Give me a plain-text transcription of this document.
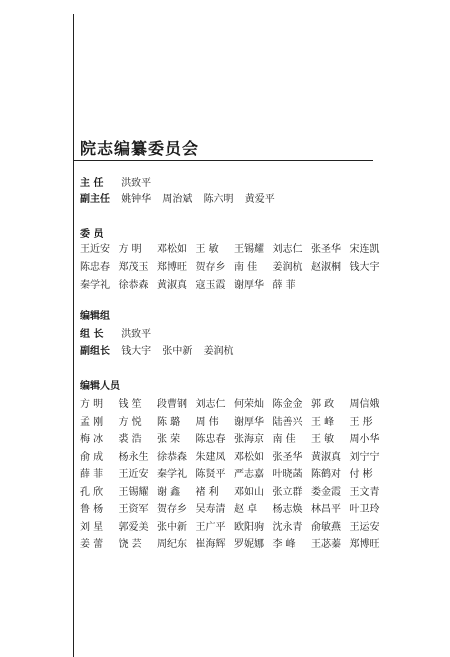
院志编纂委员会
主 任 洪致平
副主任 姚钟华 周治斌 陈六明 黄爱平
委 员
王近安 方 明 邓松如 王 敏 王锡耀 刘志仁 张圣华 宋连凯
陈忠春 郑茂玉 郑博旺 贺存乡 南 佳 姜润杭 赵淑桐 钱大宇
秦学礼 徐恭森 黄淑真 寇玉霞 谢厚华 薛 菲
编辑组
组 长 洪致平
副组长 钱大宇 张中新 姜润杭
编辑人员
方 明 钱 笙 段曹钢 刘志仁 何荣灿 陈金金 郭 政 周信娥
孟 刚 方 悦 陈 璐 周 伟 谢厚华 陆善兴 王 峰 王 彤
梅 冰 裘 浩 张 荣 陈忠春 张海京 南 佳 王 敏 周小华
俞 成 杨永生 徐恭森 朱建凤 邓松如 张圣华 黄淑真 刘宁宁
薛 菲 王近安 秦学礼 陈贤平 严志嘉 叶晓菡 陈鹤对 付 彬
孔 欣 王锡耀 谢 鑫 褚 利 邓如山 张立群 娄金霞 王文青
鲁 杨 王资军 贺存乡 吴寿清 赵 卓 杨志焕 林昌平 叶卫玲
刘 星 郭爱美 张中新 王广平 欧阳驹 沈永青 俞敏燕 王运安
姜 蕾 饶 芸 周纪东 崔海辉 罗妮娜 李 峰 王苾蓁 郑博旺
